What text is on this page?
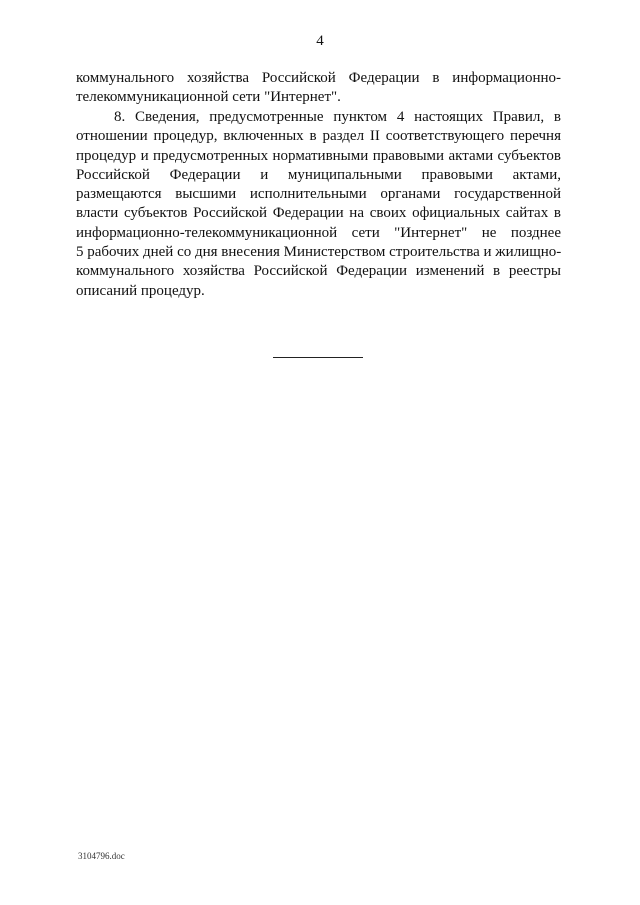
4
коммунального хозяйства Российской Федерации в информационно-
телекоммуникационной сети "Интернет".
8. Сведения, предусмотренные пунктом 4 настоящих Правил, в
отношении процедур, включенных в раздел II соответствующего перечня
процедур и предусмотренных нормативными правовыми актами субъектов
Российской Федерации и муниципальными правовыми актами,
размещаются высшими исполнительными органами государственной
власти субъектов Российской Федерации на своих официальных сайтах в
информационно-телекоммуникационной сети "Интернет" не позднее
5 рабочих дней со дня внесения Министерством строительства и жилищно-
коммунального хозяйства Российской Федерации изменений в реестры
описаний процедур.
3104796.doc
